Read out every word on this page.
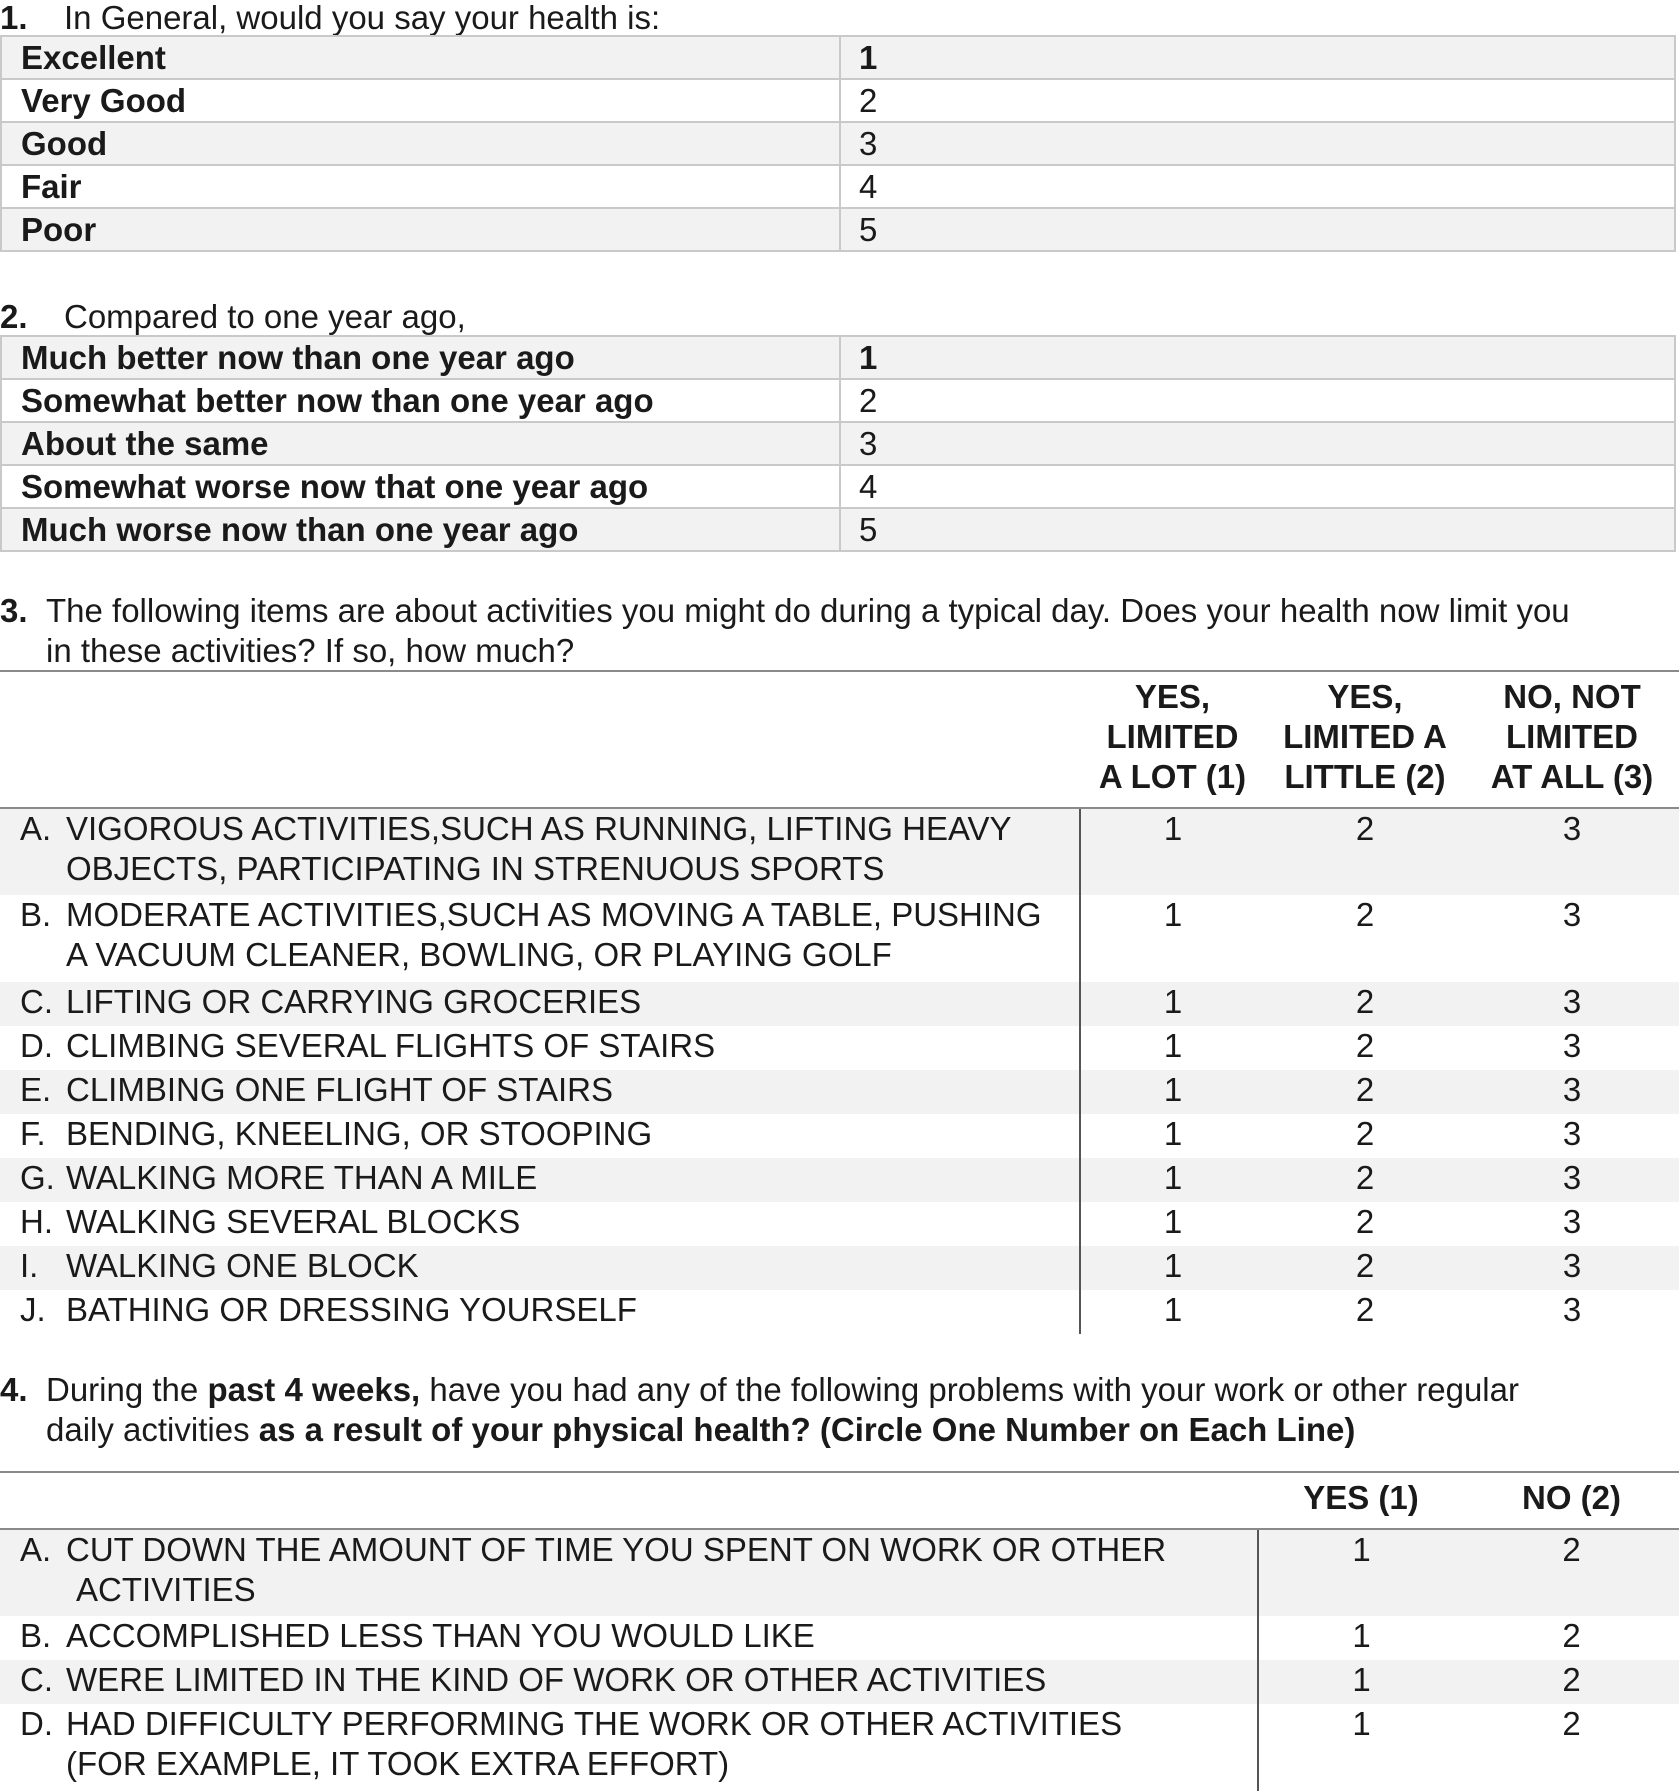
1. In General, would you say your health is:
Excellent	1
Very Good	2
Good	3
Fair	4
Poor	5
2. Compared to one year ago,
Much better now than one year ago	1
Somewhat better now than one year ago	2
About the same	3
Somewhat worse now that one year ago	4
Much worse now than one year ago	5
3. The following items are about activities you might do during a typical day. Does your health now limit you
in these activities? If so, how much?
	YES,
LIMITED
A LOT (1)	YES,
LIMITED A
LITTLE (2)	NO, NOT
LIMITED
AT ALL (3)
A. VIGOROUS ACTIVITIES,SUCH AS RUNNING, LIFTING HEAVY
OBJECTS, PARTICIPATING IN STRENUOUS SPORTS	1	2	3
B. MODERATE ACTIVITIES,SUCH AS MOVING A TABLE, PUSHING
A VACUUM CLEANER, BOWLING, OR PLAYING GOLF	1	2	3
C. LIFTING OR CARRYING GROCERIES	1	2	3
D. CLIMBING SEVERAL FLIGHTS OF STAIRS	1	2	3
E. CLIMBING ONE FLIGHT OF STAIRS	1	2	3
F. BENDING, KNEELING, OR STOOPING	1	2	3
G. WALKING MORE THAN A MILE	1	2	3
H. WALKING SEVERAL BLOCKS	1	2	3
I. WALKING ONE BLOCK	1	2	3
J. BATHING OR DRESSING YOURSELF	1	2	3
4. During the past 4 weeks, have you had any of the following problems with your work or other regular
daily activities as a result of your physical health? (Circle One Number on Each Line)
	YES (1)	NO (2)
A. CUT DOWN THE AMOUNT OF TIME YOU SPENT ON WORK OR OTHER
ACTIVITIES	1	2
B. ACCOMPLISHED LESS THAN YOU WOULD LIKE	1	2
C. WERE LIMITED IN THE KIND OF WORK OR OTHER ACTIVITIES	1	2
D. HAD DIFFICULTY PERFORMING THE WORK OR OTHER ACTIVITIES
(FOR EXAMPLE, IT TOOK EXTRA EFFORT)	1	2
